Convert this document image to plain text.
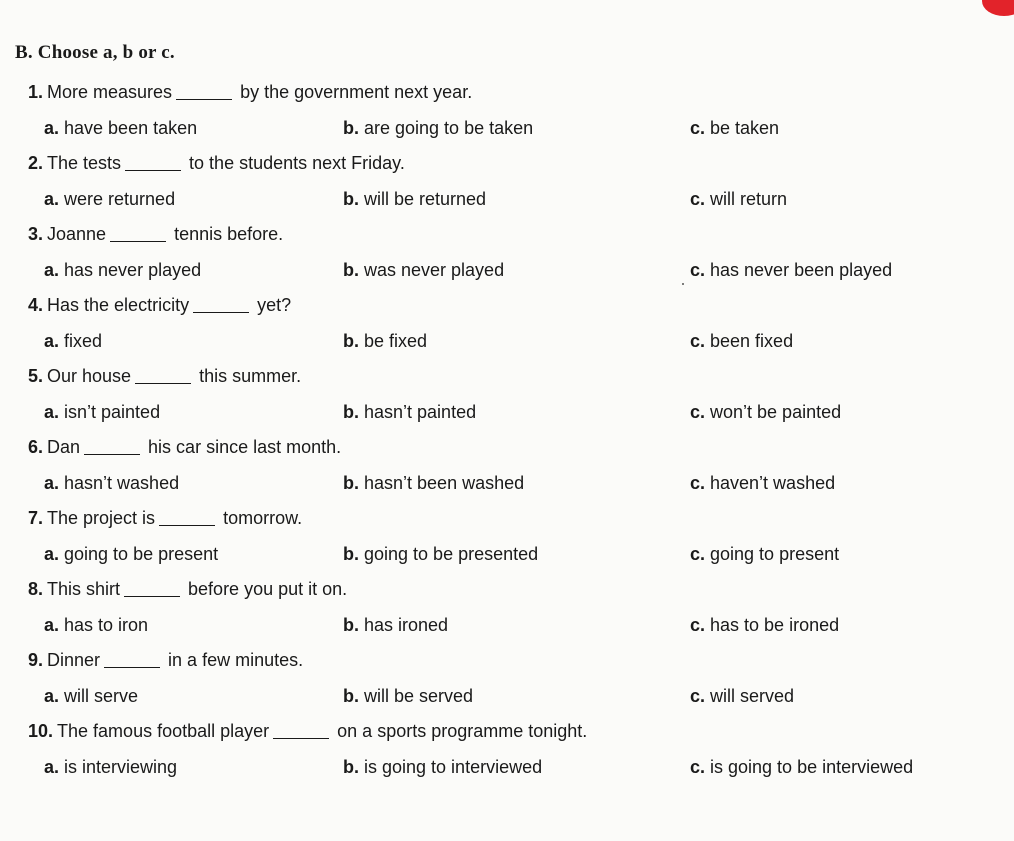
B. Choose a, b or c.
1. More measures	by the government next year.
a. have been taken	b. are going to be taken	c. be taken
2. The tests	to the students next Friday.
a. were returned	b. will be returned	c. will return
3. Joanne	tennis before.
a. has never played	b. was never played	c. has never been played
4. Has the electricity	yet?
a. fixed	b. be fixed	c. been fixed
5. Our house	this summer.
a. isn’t painted	b. hasn’t painted	c. won’t be painted
6. Dan	his car since last month.
a. hasn’t washed	b. hasn’t been washed	c. haven’t washed
7. The project is	tomorrow.
a. going to be present	b. going to be presented	c. going to present
8. This shirt	before you put it on.
a. has to iron	b. has ironed	c. has to be ironed
9. Dinner	in a few minutes.
a. will serve	b. will be served	c. will served
10. The famous football player	on a sports programme tonight.
a. is interviewing	b. is going to interviewed	c. is going to be interviewed
